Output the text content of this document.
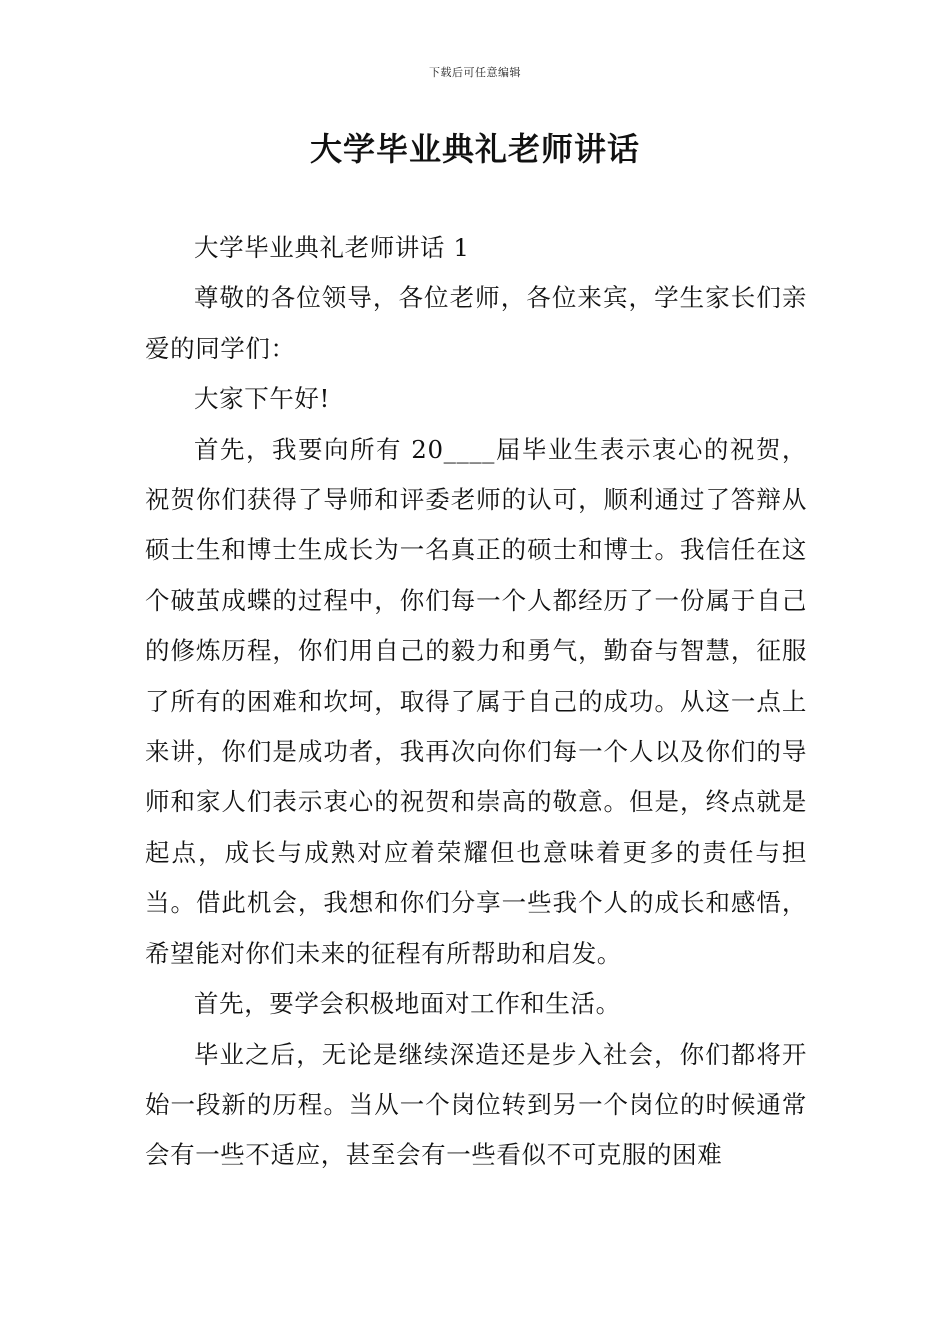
下载后可任意编辑
大学毕业典礼老师讲话

大学毕业典礼老师讲话 1

尊敬的各位领导，各位老师，各位来宾，学生家长们亲爱的同学们：

大家下午好!

首先，我要向所有 20____届毕业生表示衷心的祝贺，祝贺你们获得了导师和评委老师的认可，顺利通过了答辩从硕士生和博士生成长为一名真正的硕士和博士。我信任在这个破茧成蝶的过程中，你们每一个人都经历了一份属于自己的修炼历程，你们用自己的毅力和勇气，勤奋与智慧，征服了所有的困难和坎坷，取得了属于自己的成功。从这一点上来讲，你们是成功者，我再次向你们每一个人以及你们的导师和家人们表示衷心的祝贺和崇高的敬意。但是，终点就是起点，成长与成熟对应着荣耀但也意味着更多的责任与担当。借此机会，我想和你们分享一些我个人的成长和感悟，希望能对你们未来的征程有所帮助和启发。

首先，要学会积极地面对工作和生活。

毕业之后，无论是继续深造还是步入社会，你们都将开始一段新的历程。当从一个岗位转到另一个岗位的时候通常会有一些不适应，甚至会有一些看似不可克服的困难
